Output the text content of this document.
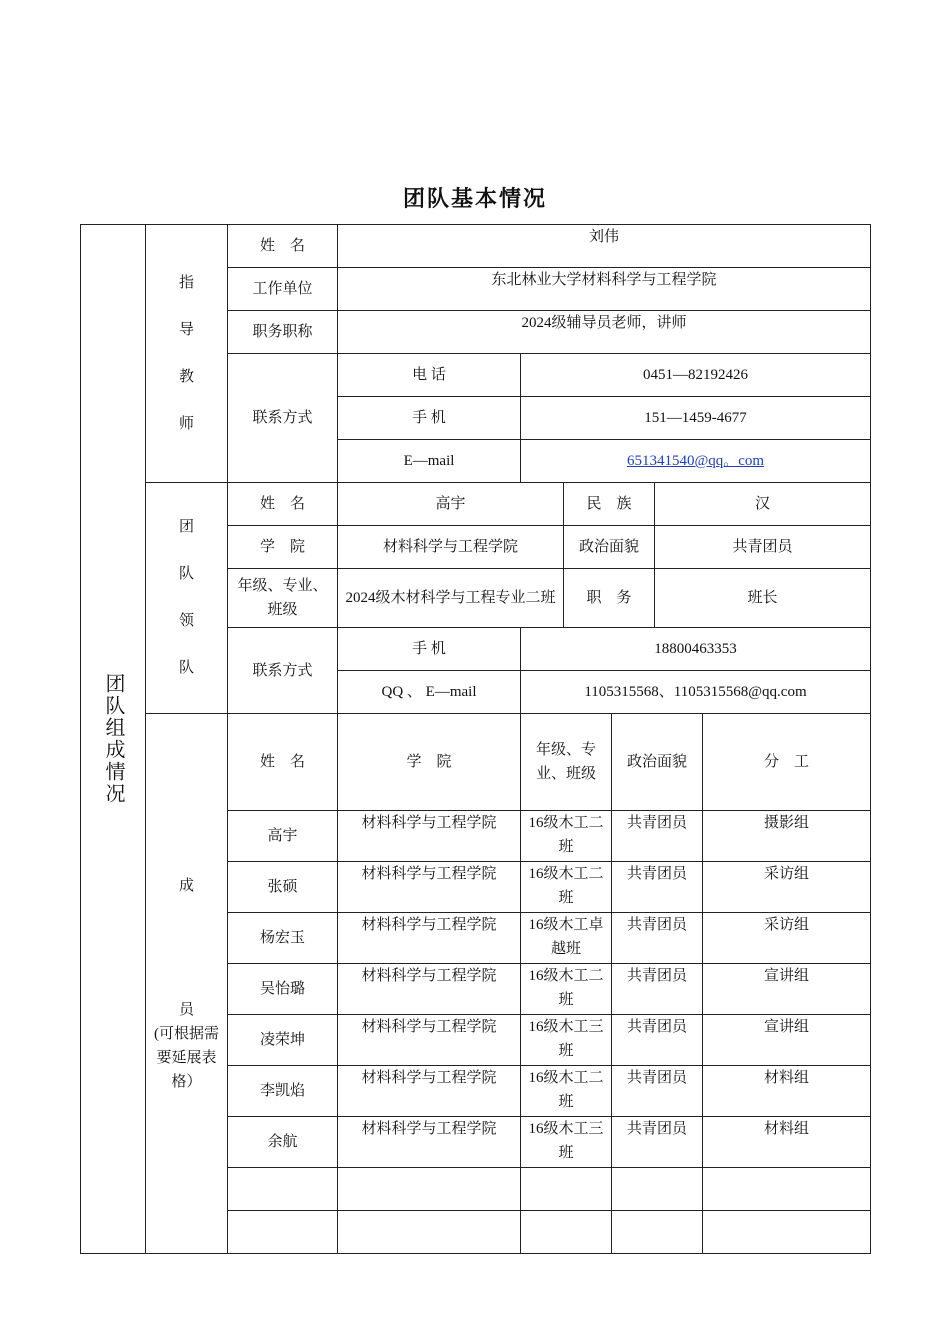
团队基本情况
团队组成情况	指
导
教
师	姓　名	刘伟						
		工作单位	东北林业大学材料科学与工程学院						
		职务职称	2024级辅导员老师，讲师						
		联系方式	电 话	0451—82192426					
			手 机	151—1459-4677					
			E—mail	651341540@qq。com					

	团
队
领
队	姓　名	高宇		民　族		汉		
		学　院	材料科学与工程学院		政治面貌		共青团员		
		年级、专业、班级	2024级木材科学与工程专业二班		职　务		班长		
		联系方式	手 机	18800463353					
			QQ 、 E—mail	1105315568、1105315568@qq.com					

	成
员
(可根据需要延展表格）	姓　名	学　院	年级、专业、班级		政治面貌		分　工	
		高宇	材料科学与工程学院	16级木工二班		共青团员		摄影组	
		张硕	材料科学与工程学院	16级木工二班		共青团员		采访组	
		杨宏玉	材料科学与工程学院	16级木工卓越班		共青团员		采访组	
		吴怡璐	材料科学与工程学院	16级木工二班		共青团员		宣讲组	
		凌荣坤	材料科学与工程学院	16级木工三班		共青团员		宣讲组	
		李凯焰	材料科学与工程学院	16级木工二班		共青团员		材料组	
		余航	材料科学与工程学院	16级木工三班		共青团员		材料组	
